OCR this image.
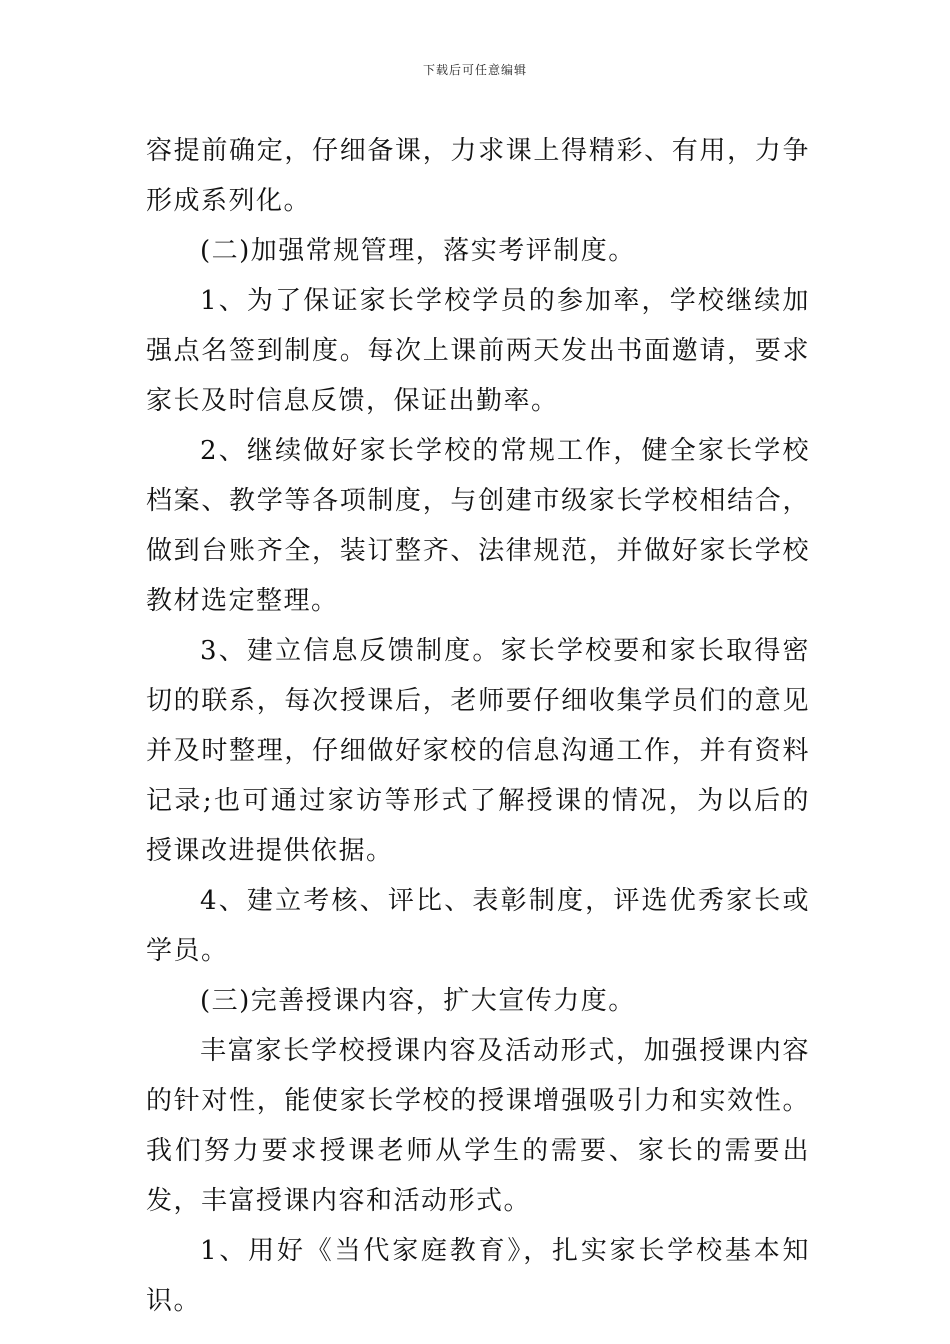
下载后可任意编辑

容提前确定，仔细备课，力求课上得精彩、有用，力争形成系列化。

(二)加强常规管理，落实考评制度。

1、为了保证家长学校学员的参加率，学校继续加强点名签到制度。每次上课前两天发出书面邀请，要求家长及时信息反馈，保证出勤率。

2、继续做好家长学校的常规工作，健全家长学校档案、教学等各项制度，与创建市级家长学校相结合，做到台账齐全，装订整齐、法律规范，并做好家长学校教材选定整理。

3、建立信息反馈制度。家长学校要和家长取得密切的联系，每次授课后，老师要仔细收集学员们的意见并及时整理，仔细做好家校的信息沟通工作，并有资料记录;也可通过家访等形式了解授课的情况，为以后的授课改进提供依据。

4、建立考核、评比、表彰制度，评选优秀家长或学员。

(三)完善授课内容，扩大宣传力度。

丰富家长学校授课内容及活动形式，加强授课内容的针对性，能使家长学校的授课增强吸引力和实效性。我们努力要求授课老师从学生的需要、家长的需要出发，丰富授课内容和活动形式。

1、用好《当代家庭教育》，扎实家长学校基本知识。
